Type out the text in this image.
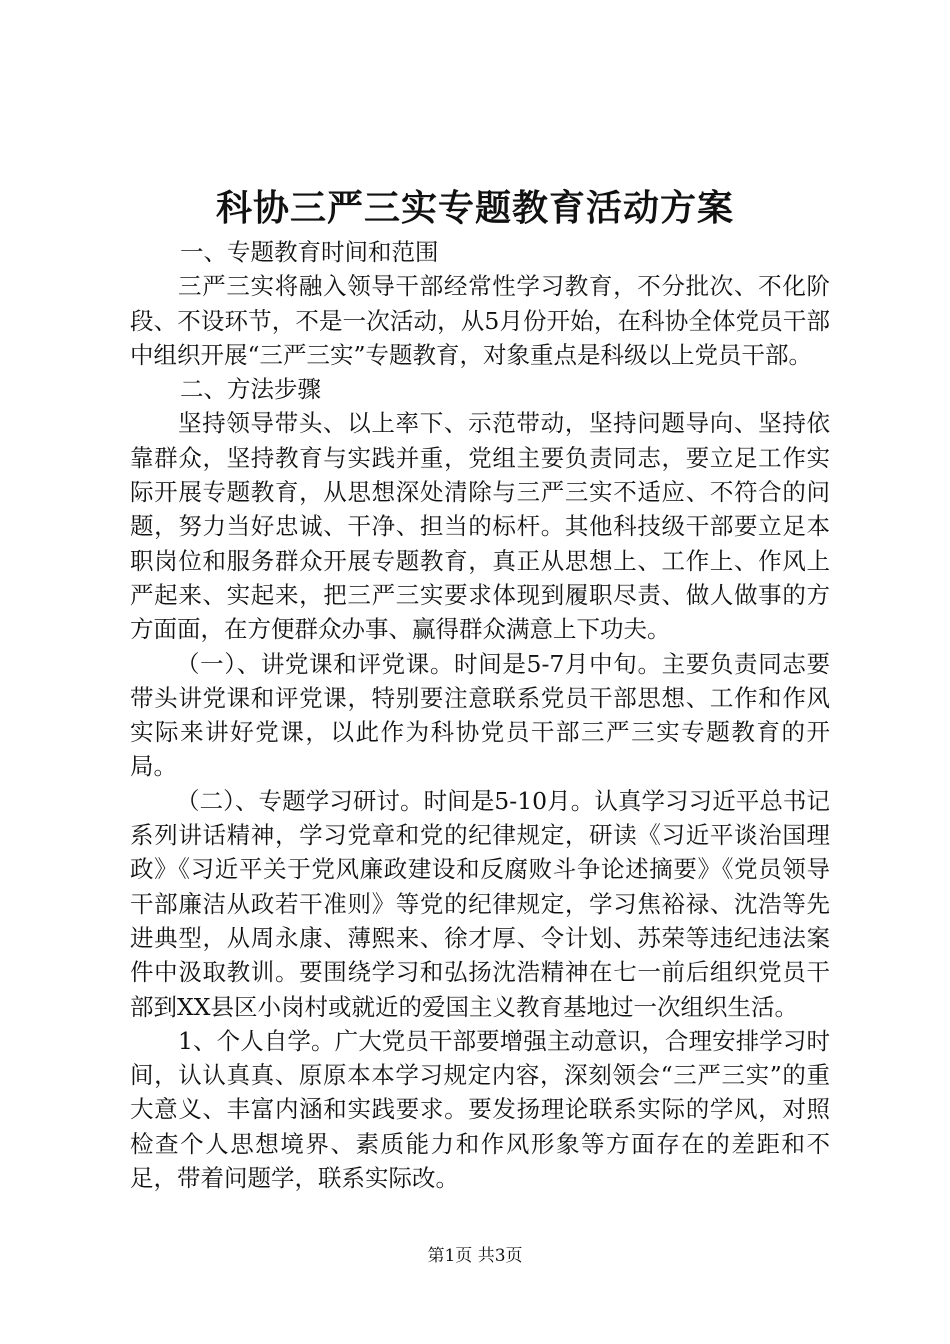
科协三严三实专题教育活动方案

一、专题教育时间和范围

三严三实将融入领导干部经常性学习教育，不分批次、不化阶段、不设环节，不是一次活动，从5月份开始，在科协全体党员干部中组织开展“三严三实”专题教育，对象重点是科级以上党员干部。

二、方法步骤

坚持领导带头、以上率下、示范带动，坚持问题导向、坚持依靠群众，坚持教育与实践并重，党组主要负责同志，要立足工作实际开展专题教育，从思想深处清除与三严三实不适应、不符合的问题，努力当好忠诚、干净、担当的标杆。其他科技级干部要立足本职岗位和服务群众开展专题教育，真正从思想上、工作上、作风上严起来、实起来，把三严三实要求体现到履职尽责、做人做事的方方面面，在方便群众办事、赢得群众满意上下功夫。

（一）、讲党课和评党课。时间是5-7月中旬。主要负责同志要带头讲党课和评党课，特别要注意联系党员干部思想、工作和作风实际来讲好党课，以此作为科协党员干部三严三实专题教育的开局。

（二）、专题学习研讨。时间是5-10月。认真学习习近平总书记系列讲话精神，学习党章和党的纪律规定，研读《习近平谈治国理政》《习近平关于党风廉政建设和反腐败斗争论述摘要》《党员领导干部廉洁从政若干准则》等党的纪律规定，学习焦裕禄、沈浩等先进典型，从周永康、薄熙来、徐才厚、令计划、苏荣等违纪违法案件中汲取教训。要围绕学习和弘扬沈浩精神在七一前后组织党员干部到XX县区小岗村或就近的爱国主义教育基地过一次组织生活。

1、个人自学。广大党员干部要增强主动意识，合理安排学习时间，认认真真、原原本本学习规定内容，深刻领会“三严三实”的重大意义、丰富内涵和实践要求。要发扬理论联系实际的学风，对照检查个人思想境界、素质能力和作风形象等方面存在的差距和不足，带着问题学，联系实际改。

第1页 共3页
